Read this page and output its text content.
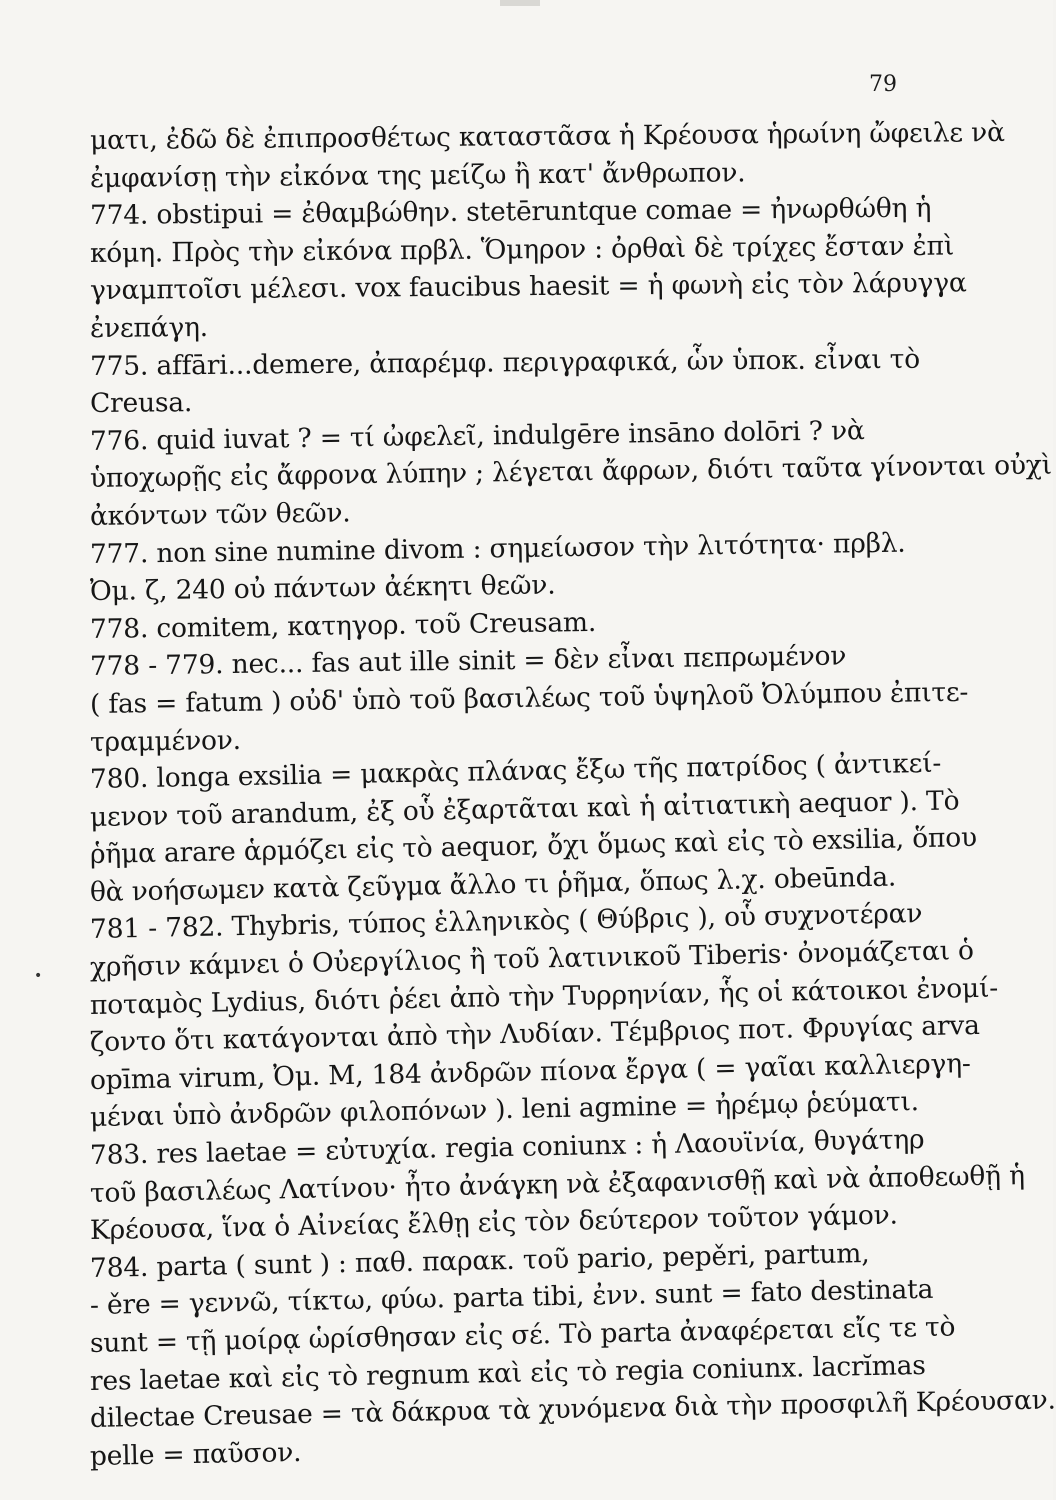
79
•
ματι, ἐδῶ δὲ ἐπιπροσθέτως καταστᾶσα ἡ Κρέουσα ἡρωίνη ὤφειλε νὰ
ἐμφανίσῃ τὴν εἰκόνα της μείζω ἢ κατ' ἄνθρωπον.
774. obstipui = ἐθαμβώθην. stetēruntque comae = ἠνωρθώθη ἡ
κόμη. Πρὸς τὴν εἰκόνα πρβλ. Ὅμηρον : ὀρθαὶ δὲ τρίχες ἔσταν ἐπὶ
γναμπτοῖσι μέλεσι. vox faucibus haesit = ἡ φωνὴ εἰς τὸν λάρυγγα
ἐνεπάγη.
775. affāri...demere, ἀπαρέμφ. περιγραφικά, ὧν ὑποκ. εἶναι τὸ
Creusa.
776. quid iuvat ? = τί ὠφελεῖ, indulgēre insāno dolōri ? νὰ
ὑποχωρῇς εἰς ἄφρονα λύπην ; λέγεται ἄφρων, διότι ταῦτα γίνονται οὐχὶ
ἀκόντων τῶν θεῶν.
777. non sine numine divom : σημείωσον τὴν λιτότητα· πρβλ.
Ὀμ. ζ, 240 οὐ πάντων ἀέκητι θεῶν.
778. comitem, κατηγορ. τοῦ Creusam.
778 - 779. nec... fas aut ille sinit = δὲν εἶναι πεπρωμένον
( fas = fatum ) οὐδ' ὑπὸ τοῦ βασιλέως τοῦ ὑψηλοῦ Ὀλύμπου ἐπιτε-
τραμμένον.
780. longa exsilia = μακρὰς πλάνας ἔξω τῆς πατρίδος ( ἀντικεί-
μενον τοῦ arandum, ἐξ οὗ ἐξαρτᾶται καὶ ἡ αἰτιατικὴ aequor ). Τὸ
ῥῆμα arare ἁρμόζει εἰς τὸ aequor, ὄχι ὅμως καὶ εἰς τὸ exsilia, ὅπου
θὰ νοήσωμεν κατὰ ζεῦγμα ἄλλο τι ῥῆμα, ὅπως λ.χ. obeūnda.
781 - 782. Thybris, τύπος ἑλληνικὸς ( Θύβρις ), οὗ συχνοτέραν
χρῆσιν κάμνει ὁ Οὐεργίλιος ἢ τοῦ λατινικοῦ Tiberis· ὀνομάζεται ὁ
ποταμὸς Lydius, διότι ῥέει ἀπὸ τὴν Τυρρηνίαν, ἧς οἱ κάτοικοι ἐνομί-
ζοντο ὅτι κατάγονται ἀπὸ τὴν Λυδίαν. Τέμβριος ποτ. Φρυγίας arva
opīma virum, Ὀμ. Μ, 184 ἀνδρῶν πίονα ἔργα ( = γαῖαι καλλιεργη-
μέναι ὑπὸ ἀνδρῶν φιλοπόνων ). leni agmine = ἠρέμῳ ῥεύματι.
783. res laetae = εὐτυχία. regia coniunx : ἡ Λαουϊνία, θυγάτηρ
τοῦ βασιλέως Λατίνου· ἦτο ἀνάγκη νὰ ἐξαφανισθῇ καὶ νὰ ἀποθεωθῇ ἡ
Κρέουσα, ἵνα ὁ Αἰνείας ἔλθῃ εἰς τὸν δεύτερον τοῦτον γάμον.
784. parta ( sunt ) : παθ. παρακ. τοῦ pario, pepěri, partum,
- ěre = γεννῶ, τίκτω, φύω. parta tibi, ἐνν. sunt = fato destinata
sunt = τῇ μοίρᾳ ὡρίσθησαν εἰς σέ. Τὸ parta ἀναφέρεται εἴς τε τὸ
res laetae καὶ εἰς τὸ regnum καὶ εἰς τὸ regia coniunx. lacrĭmas
dilectae Creusae = τὰ δάκρυα τὰ χυνόμενα διὰ τὴν προσφιλῆ Κρέουσαν.
pelle = παῦσον.
